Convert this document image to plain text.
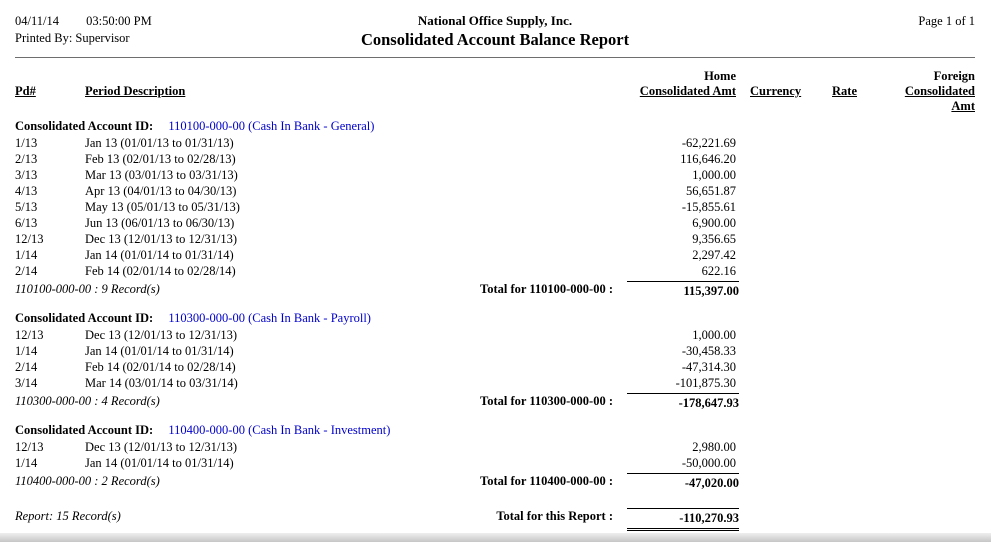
04/11/14 03:50:00 PM
Printed By: Supervisor
National Office Supply, Inc.
Consolidated Account Balance Report
Page 1 of 1
Home	Foreign
Pd#	Period Description	Consolidated Amt	Currency	Rate	Consolidated Amt
Consolidated Account ID: 110100-000-00 (Cash In Bank - General)
1/13	Jan 13 (01/01/13 to 01/31/13)	-62,221.69
2/13	Feb 13 (02/01/13 to 02/28/13)	116,646.20
3/13	Mar 13 (03/01/13 to 03/31/13)	1,000.00
4/13	Apr 13 (04/01/13 to 04/30/13)	56,651.87
5/13	May 13 (05/01/13 to 05/31/13)	-15,855.61
6/13	Jun 13 (06/01/13 to 06/30/13)	6,900.00
12/13	Dec 13 (12/01/13 to 12/31/13)	9,356.65
1/14	Jan 14 (01/01/14 to 01/31/14)	2,297.42
2/14	Feb 14 (02/01/14 to 02/28/14)	622.16
110100-000-00 : 9 Record(s)	Total for 110100-000-00 :	115,397.00
Consolidated Account ID: 110300-000-00 (Cash In Bank - Payroll)
12/13	Dec 13 (12/01/13 to 12/31/13)	1,000.00
1/14	Jan 14 (01/01/14 to 01/31/14)	-30,458.33
2/14	Feb 14 (02/01/14 to 02/28/14)	-47,314.30
3/14	Mar 14 (03/01/14 to 03/31/14)	-101,875.30
110300-000-00 : 4 Record(s)	Total for 110300-000-00 :	-178,647.93
Consolidated Account ID: 110400-000-00 (Cash In Bank - Investment)
12/13	Dec 13 (12/01/13 to 12/31/13)	2,980.00
1/14	Jan 14 (01/01/14 to 01/31/14)	-50,000.00
110400-000-00 : 2 Record(s)	Total for 110400-000-00 :	-47,020.00
Report: 15 Record(s)	Total for this Report :	-110,270.93
